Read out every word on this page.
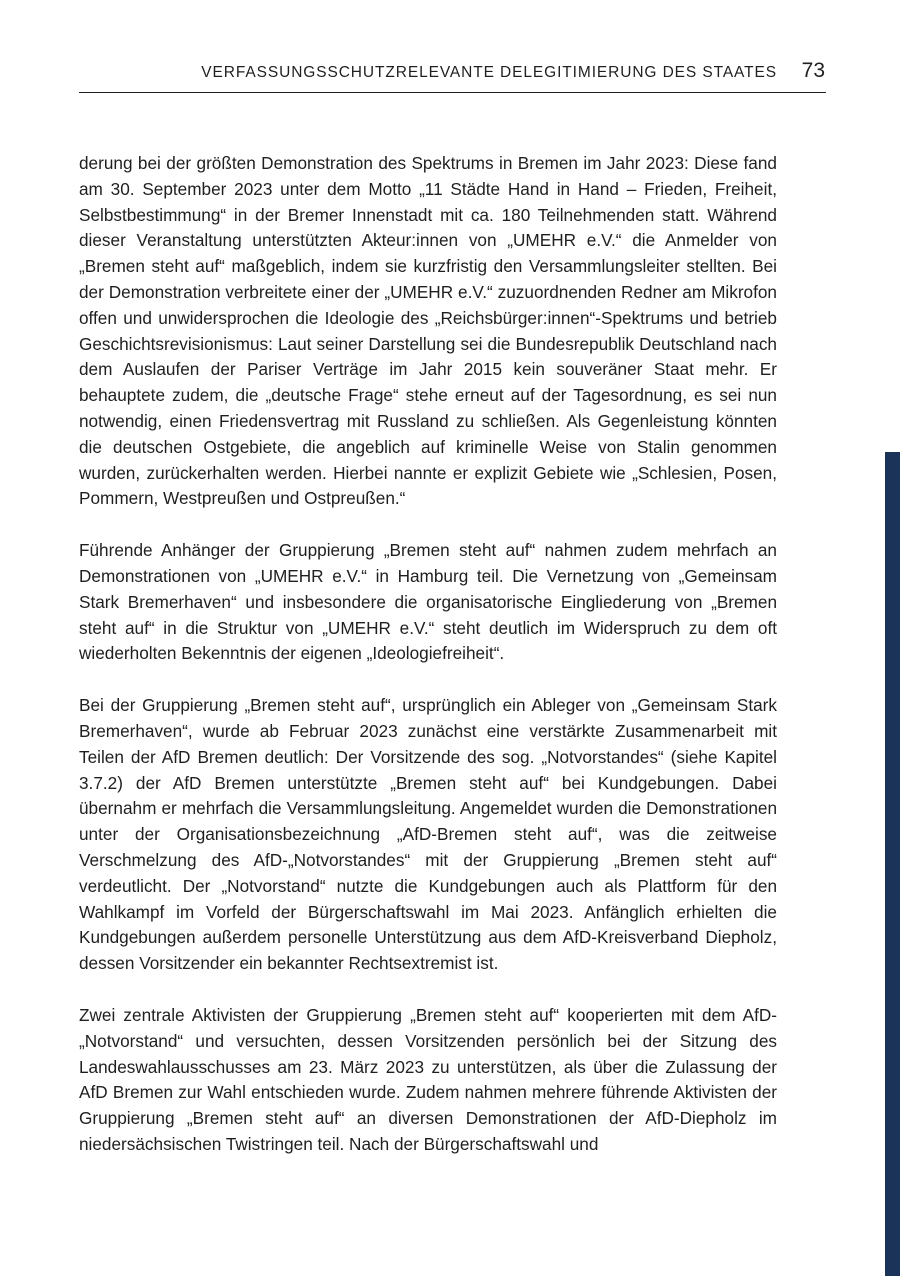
VERFASSUNGSSCHUTZRELEVANTE DELEGITIMIERUNG DES STAATES 73

derung bei der größten Demonstration des Spektrums in Bremen im Jahr 2023: Diese fand am 30. September 2023 unter dem Motto „11 Städte Hand in Hand – Frieden, Freiheit, Selbstbestimmung“ in der Bremer Innenstadt mit ca. 180 Teilnehmenden statt. Während dieser Veranstaltung unterstützten Akteur:innen von „UMEHR e.V.“ die Anmelder von „Bremen steht auf“ maßgeblich, indem sie kurzfristig den Versammlungsleiter stellten. Bei der Demonstration verbreitete einer der „UMEHR e.V.“ zuzuordnenden Redner am Mikrofon offen und unwidersprochen die Ideologie des „Reichsbürger:innen“-Spektrums und betrieb Geschichtsrevisionismus: Laut seiner Darstellung sei die Bundesrepublik Deutschland nach dem Auslaufen der Pariser Verträge im Jahr 2015 kein souveräner Staat mehr. Er behauptete zudem, die „deutsche Frage“ stehe erneut auf der Tagesordnung, es sei nun notwendig, einen Friedensvertrag mit Russland zu schließen. Als Gegenleistung könnten die deutschen Ostgebiete, die angeblich auf kriminelle Weise von Stalin genommen wurden, zurückerhalten werden. Hierbei nannte er explizit Gebiete wie „Schlesien, Posen, Pommern, Westpreußen und Ostpreußen.“

Führende Anhänger der Gruppierung „Bremen steht auf“ nahmen zudem mehrfach an Demonstrationen von „UMEHR e.V.“ in Hamburg teil. Die Vernetzung von „Gemeinsam Stark Bremerhaven“ und insbesondere die organisatorische Eingliederung von „Bremen steht auf“ in die Struktur von „UMEHR e.V.“ steht deutlich im Widerspruch zu dem oft wiederholten Bekenntnis der eigenen „Ideologiefreiheit“.

Bei der Gruppierung „Bremen steht auf“, ursprünglich ein Ableger von „Gemeinsam Stark Bremerhaven“, wurde ab Februar 2023 zunächst eine verstärkte Zusammenarbeit mit Teilen der AfD Bremen deutlich: Der Vorsitzende des sog. „Notvorstandes“ (siehe Kapitel 3.7.2) der AfD Bremen unterstützte „Bremen steht auf“ bei Kundgebungen. Dabei übernahm er mehrfach die Versammlungsleitung. Angemeldet wurden die Demonstrationen unter der Organisationsbezeichnung „AfD-Bremen steht auf“, was die zeitweise Verschmelzung des AfD-„Notvorstandes“ mit der Gruppierung „Bremen steht auf“ verdeutlicht. Der „Notvorstand“ nutzte die Kundgebungen auch als Plattform für den Wahlkampf im Vorfeld der Bürgerschaftswahl im Mai 2023. Anfänglich erhielten die Kundgebungen außerdem personelle Unterstützung aus dem AfD-Kreisverband Diepholz, dessen Vorsitzender ein bekannter Rechtsextremist ist.

Zwei zentrale Aktivisten der Gruppierung „Bremen steht auf“ kooperierten mit dem AfD-„Notvorstand“ und versuchten, dessen Vorsitzenden persönlich bei der Sitzung des Landeswahlausschusses am 23. März 2023 zu unterstützen, als über die Zulassung der AfD Bremen zur Wahl entschieden wurde. Zudem nahmen mehrere führende Aktivisten der Gruppierung „Bremen steht auf“ an diversen Demonstrationen der AfD-Diepholz im niedersächsischen Twistringen teil. Nach der Bürgerschaftswahl und
